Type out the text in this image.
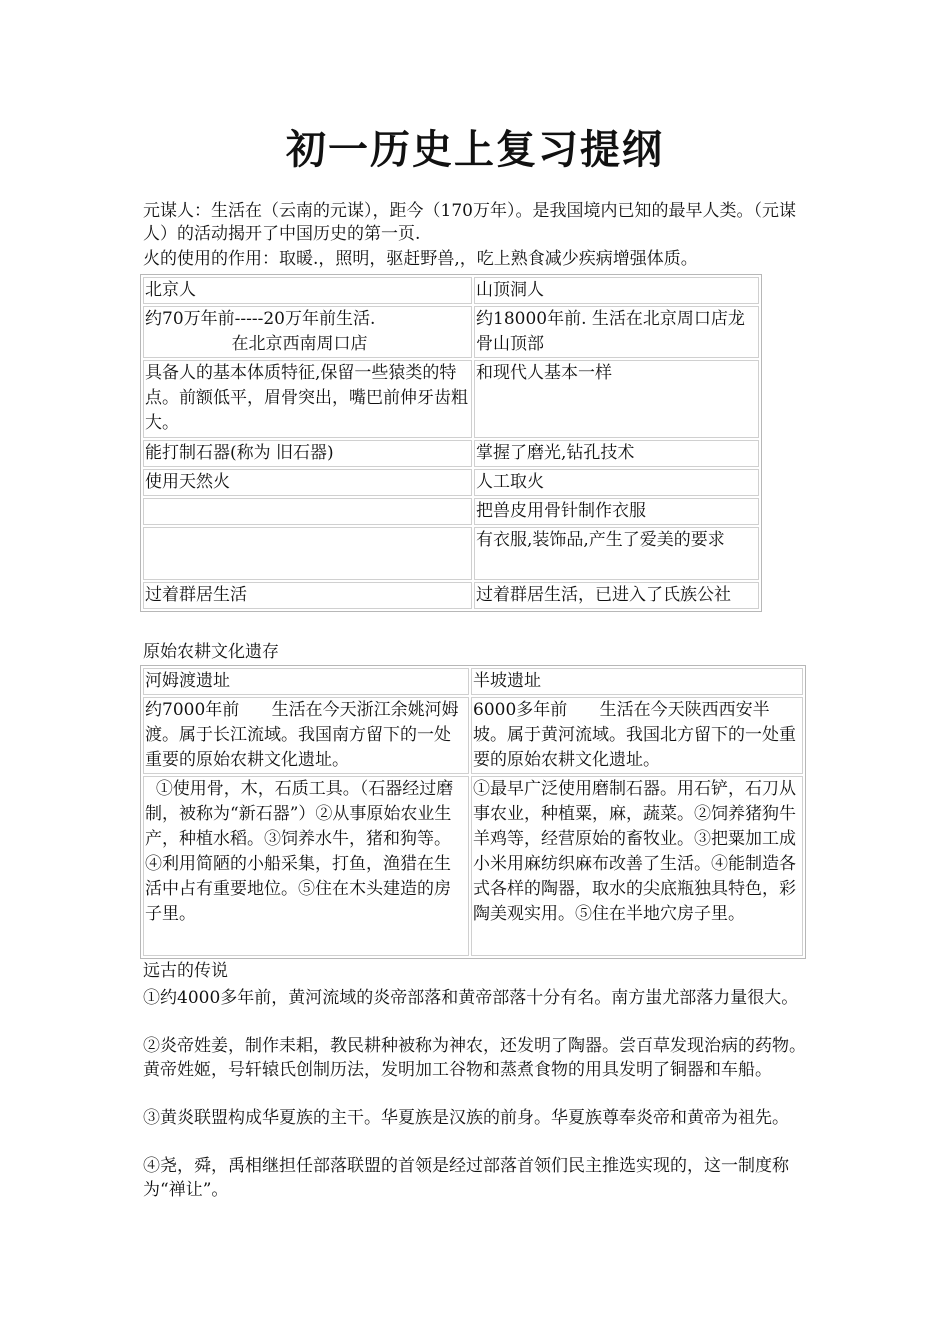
初一历史上复习提纲
元谋人：生活在（云南的元谋），距今（170万年）。是我国境内已知的最早人类。（元谋人）的活动揭开了中国历史的第一页.
火的使用的作用：取暖.，照明，驱赶野兽,，吃上熟食减少疾病增强体质。
北京人	山顶洞人
约70万年前-----20万年前生活.
在北京西南周口店	约18000年前. 生活在北京周口店龙骨山顶部
具备人的基本体质特征,保留一些猿类的特点。前额低平，眉骨突出，嘴巴前伸牙齿粗大。	和现代人基本一样
能打制石器(称为 旧石器)	掌握了磨光,钻孔技术
使用天然火	人工取火
	把兽皮用骨针制作衣服
	有衣服,装饰品,产生了爱美的要求
过着群居生活	过着群居生活，已进入了氏族公社
原始农耕文化遗存
河姆渡遗址	半坡遗址
约7000年前      生活在今天浙江余姚河姆渡。属于长江流域。我国南方留下的一处重要的原始农耕文化遗址。	6000多年前      生活在今天陕西西安半坡。属于黄河流域。我国北方留下的一处重要的原始农耕文化遗址。
①使用骨，木，石质工具。（石器经过磨制，被称为“新石器”）②从事原始农业生产，种植水稻。③饲养水牛，猪和狗等。④利用简陋的小船采集，打鱼，渔猎在生活中占有重要地位。⑤住在木头建造的房子里。	①最早广泛使用磨制石器。用石铲，石刀从事农业，种植粟，麻，蔬菜。②饲养猪狗牛羊鸡等，经营原始的畜牧业。③把粟加工成小米用麻纺织麻布改善了生活。④能制造各式各样的陶器，取水的尖底瓶独具特色，彩陶美观实用。⑤住在半地穴房子里。
远古的传说
①约4000多年前，黄河流域的炎帝部落和黄帝部落十分有名。南方蚩尤部落力量很大。
②炎帝姓姜，制作耒耜，教民耕种被称为神农，还发明了陶器。尝百草发现治病的药物。          黄帝姓姬，号轩辕氏创制历法，发明加工谷物和蒸煮食物的用具发明了铜器和车船。
③黄炎联盟构成华夏族的主干。华夏族是汉族的前身。华夏族尊奉炎帝和黄帝为祖先。
④尧，舜，禹相继担任部落联盟的首领是经过部落首领们民主推选实现的，这一制度称为“禅让”。
